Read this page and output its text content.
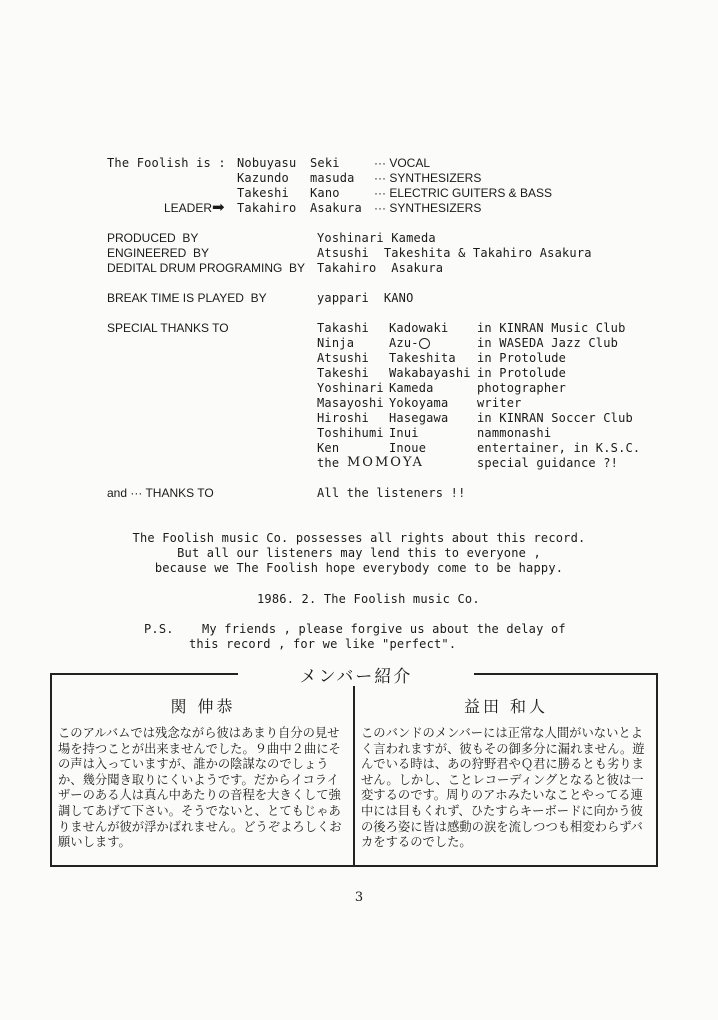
The Foolish is :
LEADER ➡
Nobuyasu Seki	··· VOCAL
Kazundo masuda ··· SYNTHESIZERS
Takeshi Kano	··· ELECTRIC GUITERS & BASS
Takahiro Asakura ··· SYNTHESIZERS
PRODUCED  BY	Yoshinari Kameda
ENGINEERED  BY	Atsushi  Takeshita & Takahiro Asakura
DEDITAL DRUM PROGRAMING  BY Takahiro  Asakura
BREAK TIME IS PLAYED  BY	yappari  KANO
SPECIAL THANKS TO	Takashi Kadowaki in KINRAN Music Club
Ninja	Azu-	in WASEDA Jazz Club
Atsushi Takeshita in Protolude
Takeshi Wakabayashi in Protolude
Yoshinari Kameda	photographer
Masayoshi Yokoyama writer
Hiroshi Hasegawa in KINRAN Soccer Club
Toshihumi Inui	nammonashi
Ken	Inoue	entertainer, in K.S.C.
the MOMOYA	special guidance ?!
and ··· THANKS TO	All the listeners !!
The Foolish music Co. possesses all rights about this record.
But all our listeners may lend this to everyone ,
because we The Foolish hope everybody come to be happy.
1986. 2. The Foolish music Co.
P.S. My friends , please forgive us about the delay of
this record , for we like "perfect".
メンバー紹介
関 伸恭
このアルバムでは残念ながら彼はあまり自分の見せ場を持つことが出来ませんでした。９曲中２曲にその声は入っていますが、誰かの陰謀なのでしょうか、幾分聞き取りにくいようです。だからイコライザーのある人は真ん中あたりの音程を大きくして強調してあげて下さい。そうでないと、とてもじゃありませんが彼が浮かばれません。どうぞよろしくお願いします。
益田 和人
このバンドのメンバーには正常な人間がいないとよく言われますが、彼もその御多分に漏れません。遊んでいる時は、あの狩野君やＱ君に勝るとも劣りません。しかし、ことレコーディングとなると彼は一変するのです。周りのアホみたいなことやってる連中には目もくれず、ひたすらキーボードに向かう彼の後ろ姿に皆は感動の涙を流しつつも相変わらずバカをするのでした。
3
